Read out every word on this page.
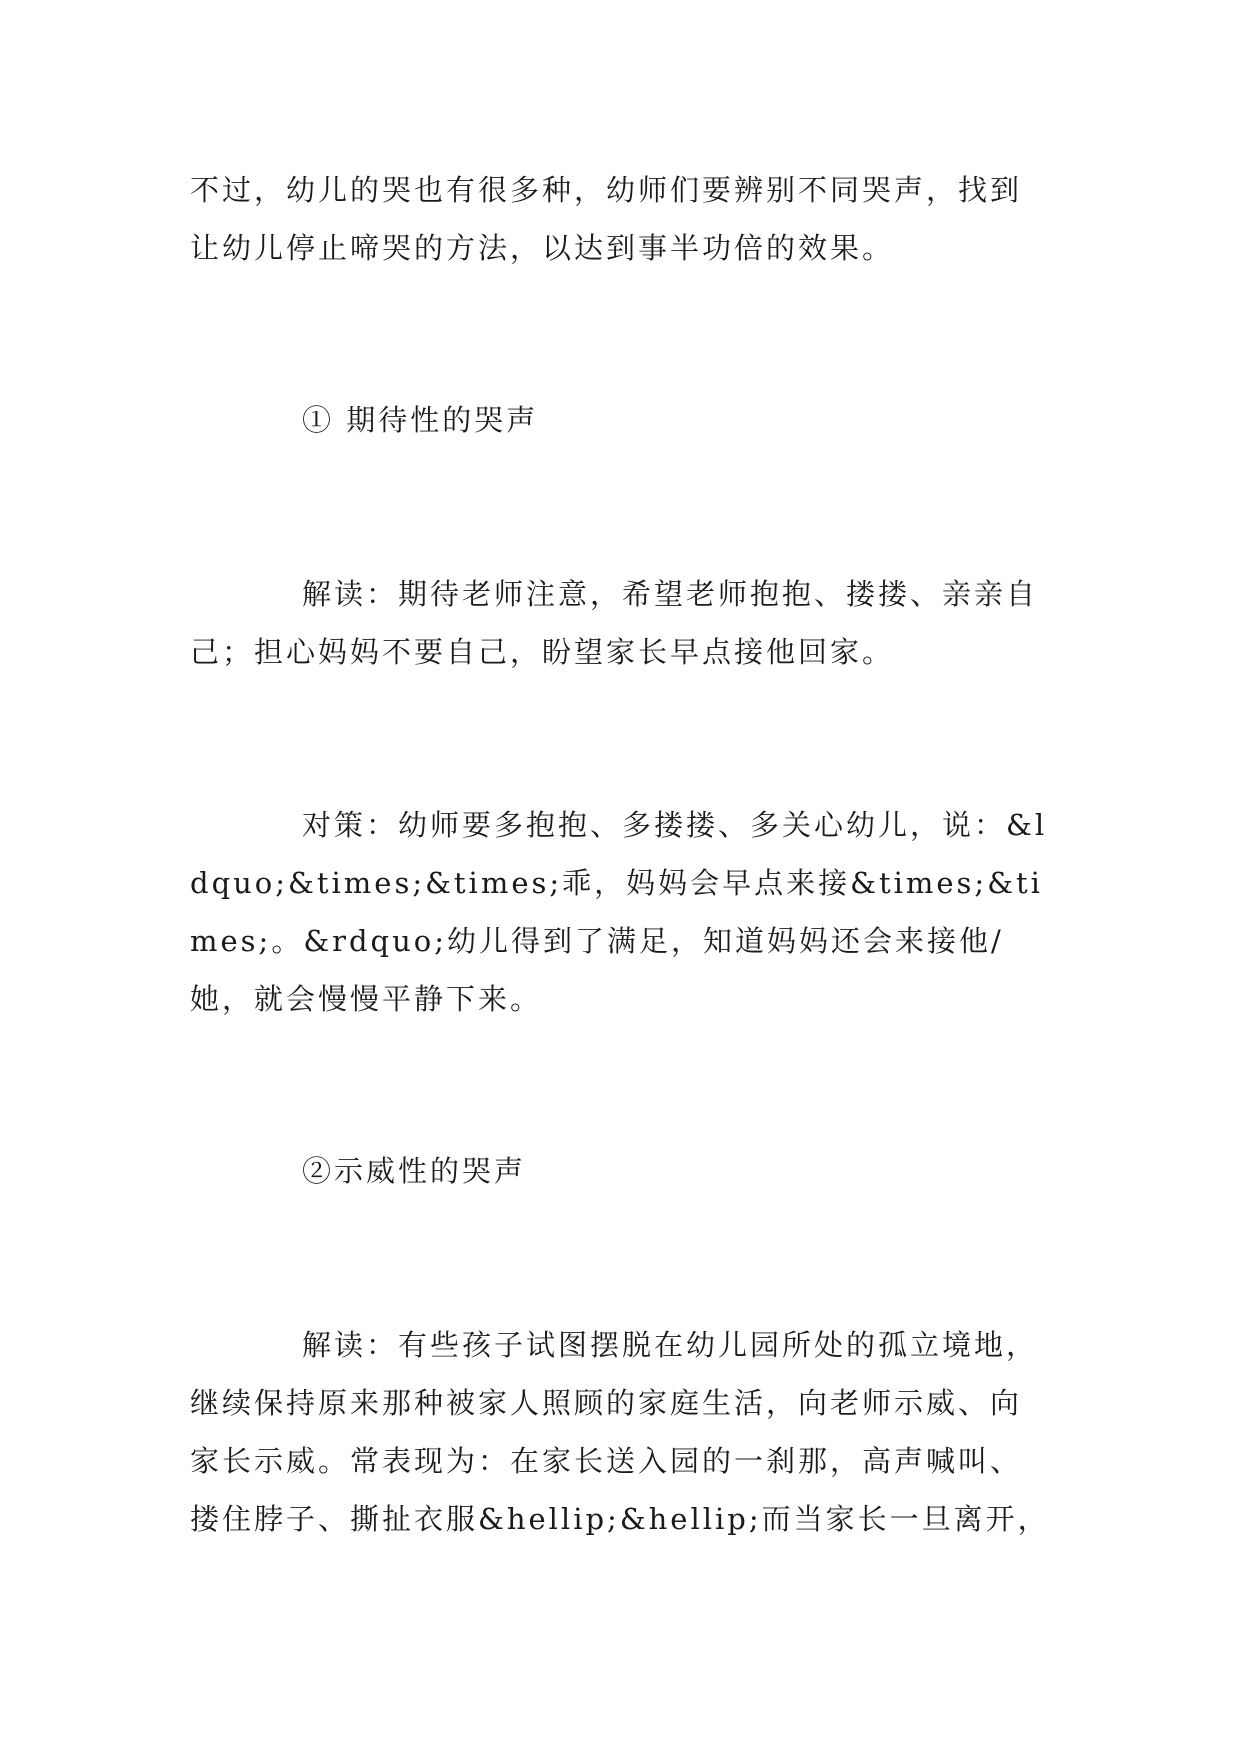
不过，幼儿的哭也有很多种，幼师们要辨别不同哭声，找到让幼儿停止啼哭的方法，以达到事半功倍的效果。

① 期待性的哭声

解读：期待老师注意，希望老师抱抱、搂搂、亲亲自己；担心妈妈不要自己，盼望家长早点接他回家。

对策：幼师要多抱抱、多搂搂、多关心幼儿，说：&ldquo;&times;&times;乖，妈妈会早点来接&times;&times;。&rdquo;幼儿得到了满足，知道妈妈还会来接他/她，就会慢慢平静下来。

②示威性的哭声

解读：有些孩子试图摆脱在幼儿园所处的孤立境地，继续保持原来那种被家人照顾的家庭生活，向老师示威、向家长示威。常表现为：在家长送入园的一刹那，高声喊叫、搂住脖子、撕扯衣服&hellip;&hellip;而当家长一旦离开，
